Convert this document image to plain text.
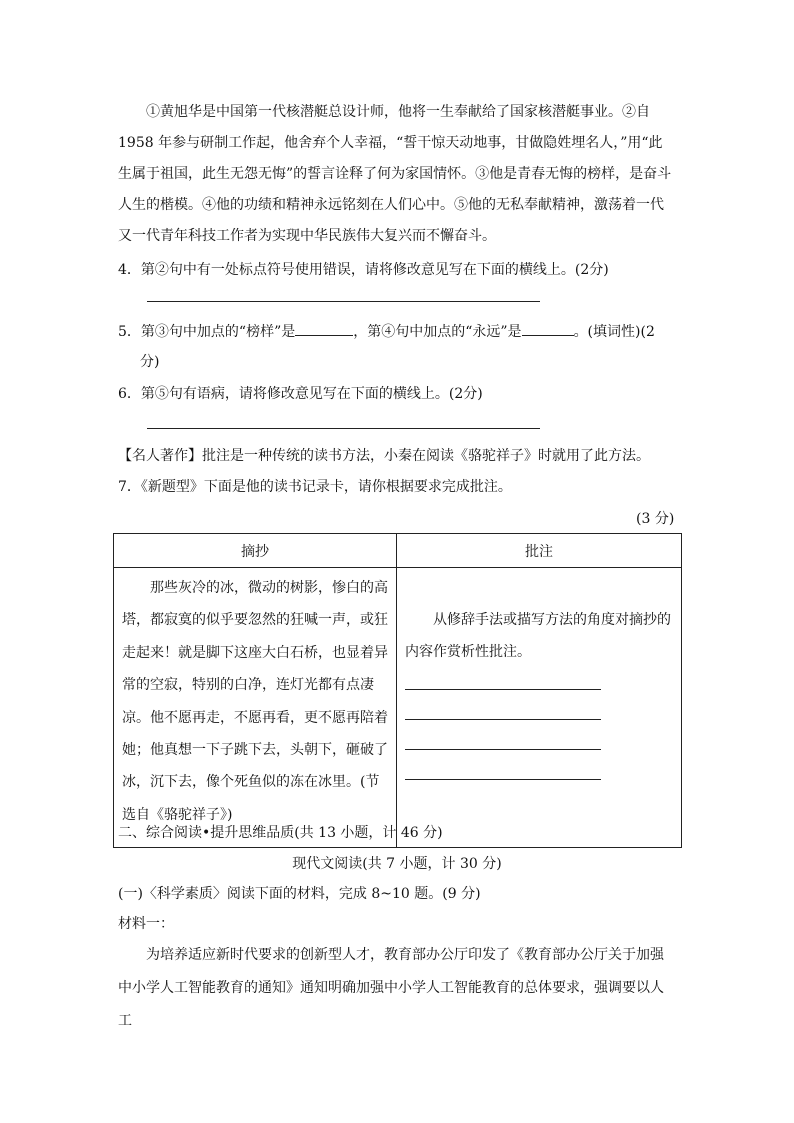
①黄旭华是中国第一代核潜艇总设计师，他将一生奉献给了国家核潜艇事业。②自 1958 年参与研制工作起，他舍弃个人幸福，“誓干惊天动地事，甘做隐姓埋名人，”用“此生属于祖国，此生无怨无悔”的誓言诠释了何为家国情怀。③他是青春无悔的榜样，是奋斗人生的楷模。④他的功绩和精神永远铭刻在人们心中。⑤他的无私奉献精神，激荡着一代又一代青年科技工作者为实现中华民族伟大复兴而不懈奋斗。
4．第②句中有一处标点符号使用错误，请将修改意见写在下面的横线上。(2分)
5．第③句中加点的“榜样”是	，第④句中加点的“永远”是	。(填词性)(2
分)
6．第⑤句有语病，请将修改意见写在下面的横线上。(2分)
【名人著作】批注是一种传统的读书方法，小秦在阅读《骆驼祥子》时就用了此方法。
7．《新题型》下面是他的读书记录卡，请你根据要求完成批注。
(3 分)
摘抄	批注

那些灰冷的冰，微动的树影，惨白的高塔，都寂寞的似乎要忽然的狂喊一声，或狂走起来！就是脚下这座大白石桥，也显着异常的空寂，特别的白净，连灯光都有点凄凉。他不愿再走，不愿再看，更不愿再陪着她；他真想一下子跳下去，头朝下，砸破了冰，沉下去，像个死鱼似的冻在冰里。(节选自《骆驼祥子》)	从修辞手法或描写方法的角度对摘抄的内容作赏析性批注。
二、综合阅读•提升思维品质(共 13 小题，计 46 分)
现代文阅读(共 7 小题，计 30 分)
(一)〈科学素质〉阅读下面的材料，完成 8~10 题。(9 分)
材料一：
为培养适应新时代要求的创新型人才，教育部办公厅印发了《教育部办公厅关于加强中小学人工智能教育的通知》通知明确加强中小学人工智能教育的总体要求，强调要以人工
